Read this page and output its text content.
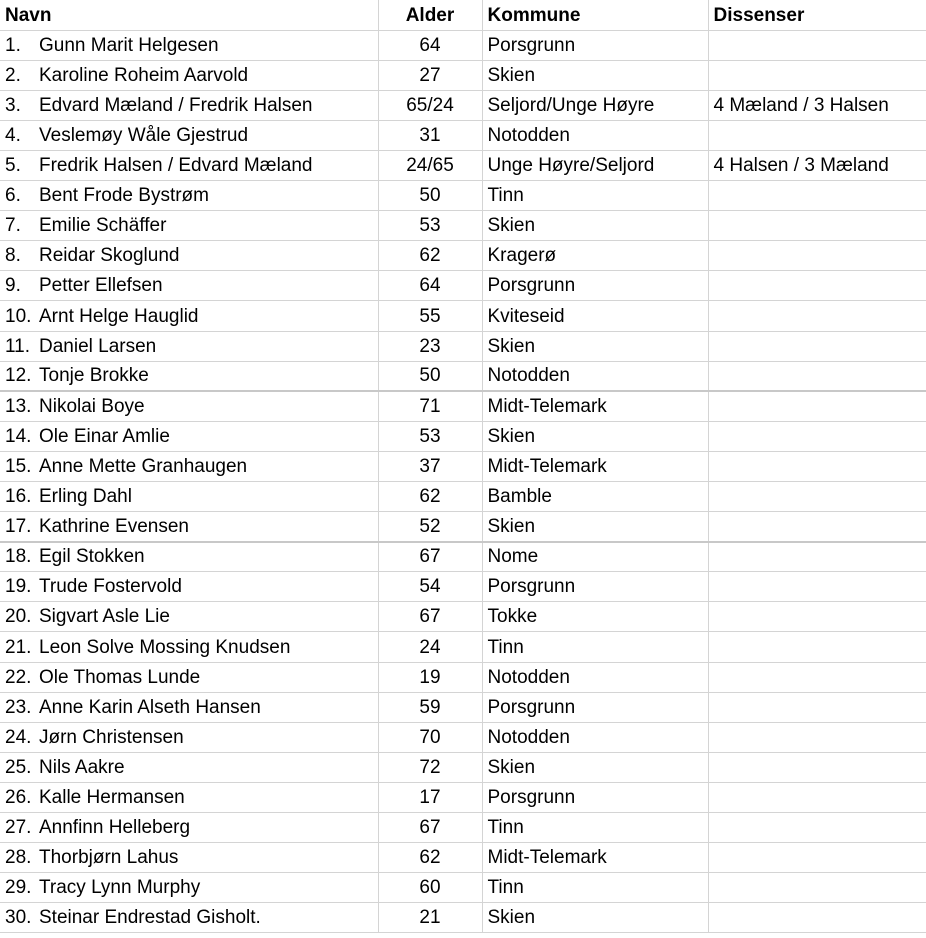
Navn	Alder	Kommune	Dissenser
1. Gunn Marit Helgesen	64	Porsgrunn	
2. Karoline Roheim Aarvold	27	Skien	
3. Edvard Mæland / Fredrik Halsen	65/24	Seljord/Unge Høyre	4 Mæland / 3 Halsen
4. Veslemøy Wåle Gjestrud	31	Notodden	
5. Fredrik Halsen / Edvard Mæland	24/65	Unge Høyre/Seljord	4 Halsen / 3 Mæland
6. Bent Frode Bystrøm	50	Tinn	
7. Emilie Schäffer	53	Skien	
8. Reidar Skoglund	62	Kragerø	
9. Petter Ellefsen	64	Porsgrunn	
10. Arnt Helge Hauglid	55	Kviteseid	
11. Daniel Larsen	23	Skien	
12. Tonje Brokke	50	Notodden	
13. Nikolai Boye	71	Midt-Telemark	
14. Ole Einar Amlie	53	Skien	
15. Anne Mette Granhaugen	37	Midt-Telemark	
16. Erling Dahl	62	Bamble	
17. Kathrine Evensen	52	Skien	
18. Egil Stokken	67	Nome	
19. Trude Fostervold	54	Porsgrunn	
20. Sigvart Asle Lie	67	Tokke	
21. Leon Solve Mossing Knudsen	24	Tinn	
22. Ole Thomas Lunde	19	Notodden	
23. Anne Karin Alseth Hansen	59	Porsgrunn	
24. Jørn Christensen	70	Notodden	
25. Nils Aakre	72	Skien	
26. Kalle Hermansen	17	Porsgrunn	
27. Annfinn Helleberg	67	Tinn	
28. Thorbjørn Lahus	62	Midt-Telemark	
29. Tracy Lynn Murphy	60	Tinn	
30. Steinar Endrestad Gisholt.	21	Skien	
